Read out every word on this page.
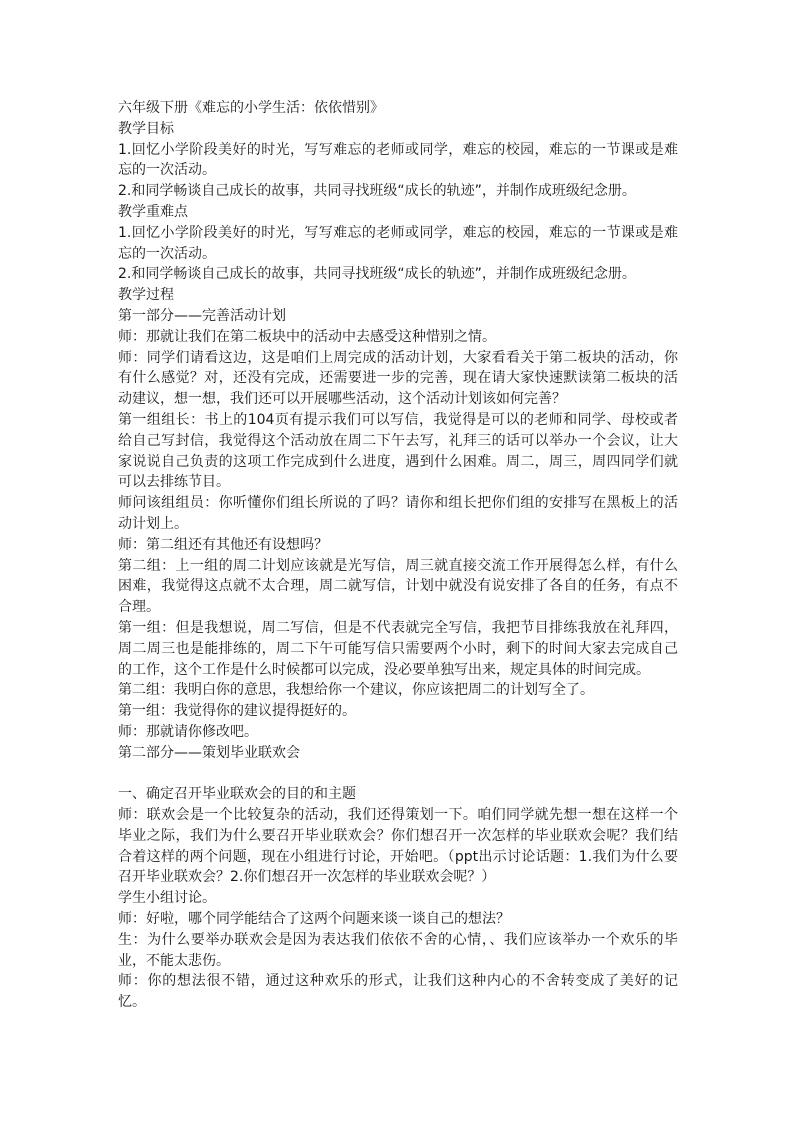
六年级下册《难忘的小学生活：依依惜别》
教学目标
1.回忆小学阶段美好的时光，写写难忘的老师或同学，难忘的校园，难忘的一节课或是难
忘的一次活动。
2.和同学畅谈自己成长的故事，共同寻找班级“成长的轨迹”，并制作成班级纪念册。
教学重难点
1.回忆小学阶段美好的时光，写写难忘的老师或同学，难忘的校园，难忘的一节课或是难
忘的一次活动。
2.和同学畅谈自己成长的故事，共同寻找班级“成长的轨迹”，并制作成班级纪念册。
教学过程
第一部分——完善活动计划
师：那就让我们在第二板块中的活动中去感受这种惜别之情。
师：同学们请看这边，这是咱们上周完成的活动计划，大家看看关于第二板块的活动，你
有什么感觉？对，还没有完成，还需要进一步的完善，现在请大家快速默读第二板块的活
动建议，想一想，我们还可以开展哪些活动，这个活动计划该如何完善？
第一组组长：书上的104页有提示我们可以写信，我觉得是可以的老师和同学、母校或者
给自己写封信，我觉得这个活动放在周二下午去写，礼拜三的话可以举办一个会议，让大
家说说自己负责的这项工作完成到什么进度，遇到什么困难。周二，周三，周四同学们就
可以去排练节目。
师问该组组员：你听懂你们组长所说的了吗？请你和组长把你们组的安排写在黑板上的活
动计划上。
师：第二组还有其他还有设想吗？
第二组：上一组的周二计划应该就是光写信，周三就直接交流工作开展得怎么样，有什么
困难，我觉得这点就不太合理，周二就写信，计划中就没有说安排了各自的任务，有点不
合理。
第一组：但是我想说，周二写信，但是不代表就完全写信，我把节目排练我放在礼拜四，
周二周三也是能排练的，周二下午可能写信只需要两个小时，剩下的时间大家去完成自己
的工作，这个工作是什么时候都可以完成，没必要单独写出来，规定具体的时间完成。
第二组：我明白你的意思，我想给你一个建议，你应该把周二的计划写全了。
第一组：我觉得你的建议提得挺好的。
师：那就请你修改吧。
第二部分——策划毕业联欢会
一、确定召开毕业联欢会的目的和主题
师：联欢会是一个比较复杂的活动，我们还得策划一下。咱们同学就先想一想在这样一个
毕业之际，我们为什么要召开毕业联欢会？你们想召开一次怎样的毕业联欢会呢？我们结
合着这样的两个问题，现在小组进行讨论，开始吧。（ppt出示讨论话题：1.我们为什么要
召开毕业联欢会？2.你们想召开一次怎样的毕业联欢会呢？）
学生小组讨论。
师：好啦，哪个同学能结合了这两个问题来谈一谈自己的想法？
生：为什么要举办联欢会是因为表达我们依依不舍的心情，、我们应该举办一个欢乐的毕
业，不能太悲伤。
师：你的想法很不错，通过这种欢乐的形式，让我们这种内心的不舍转变成了美好的记
忆。
